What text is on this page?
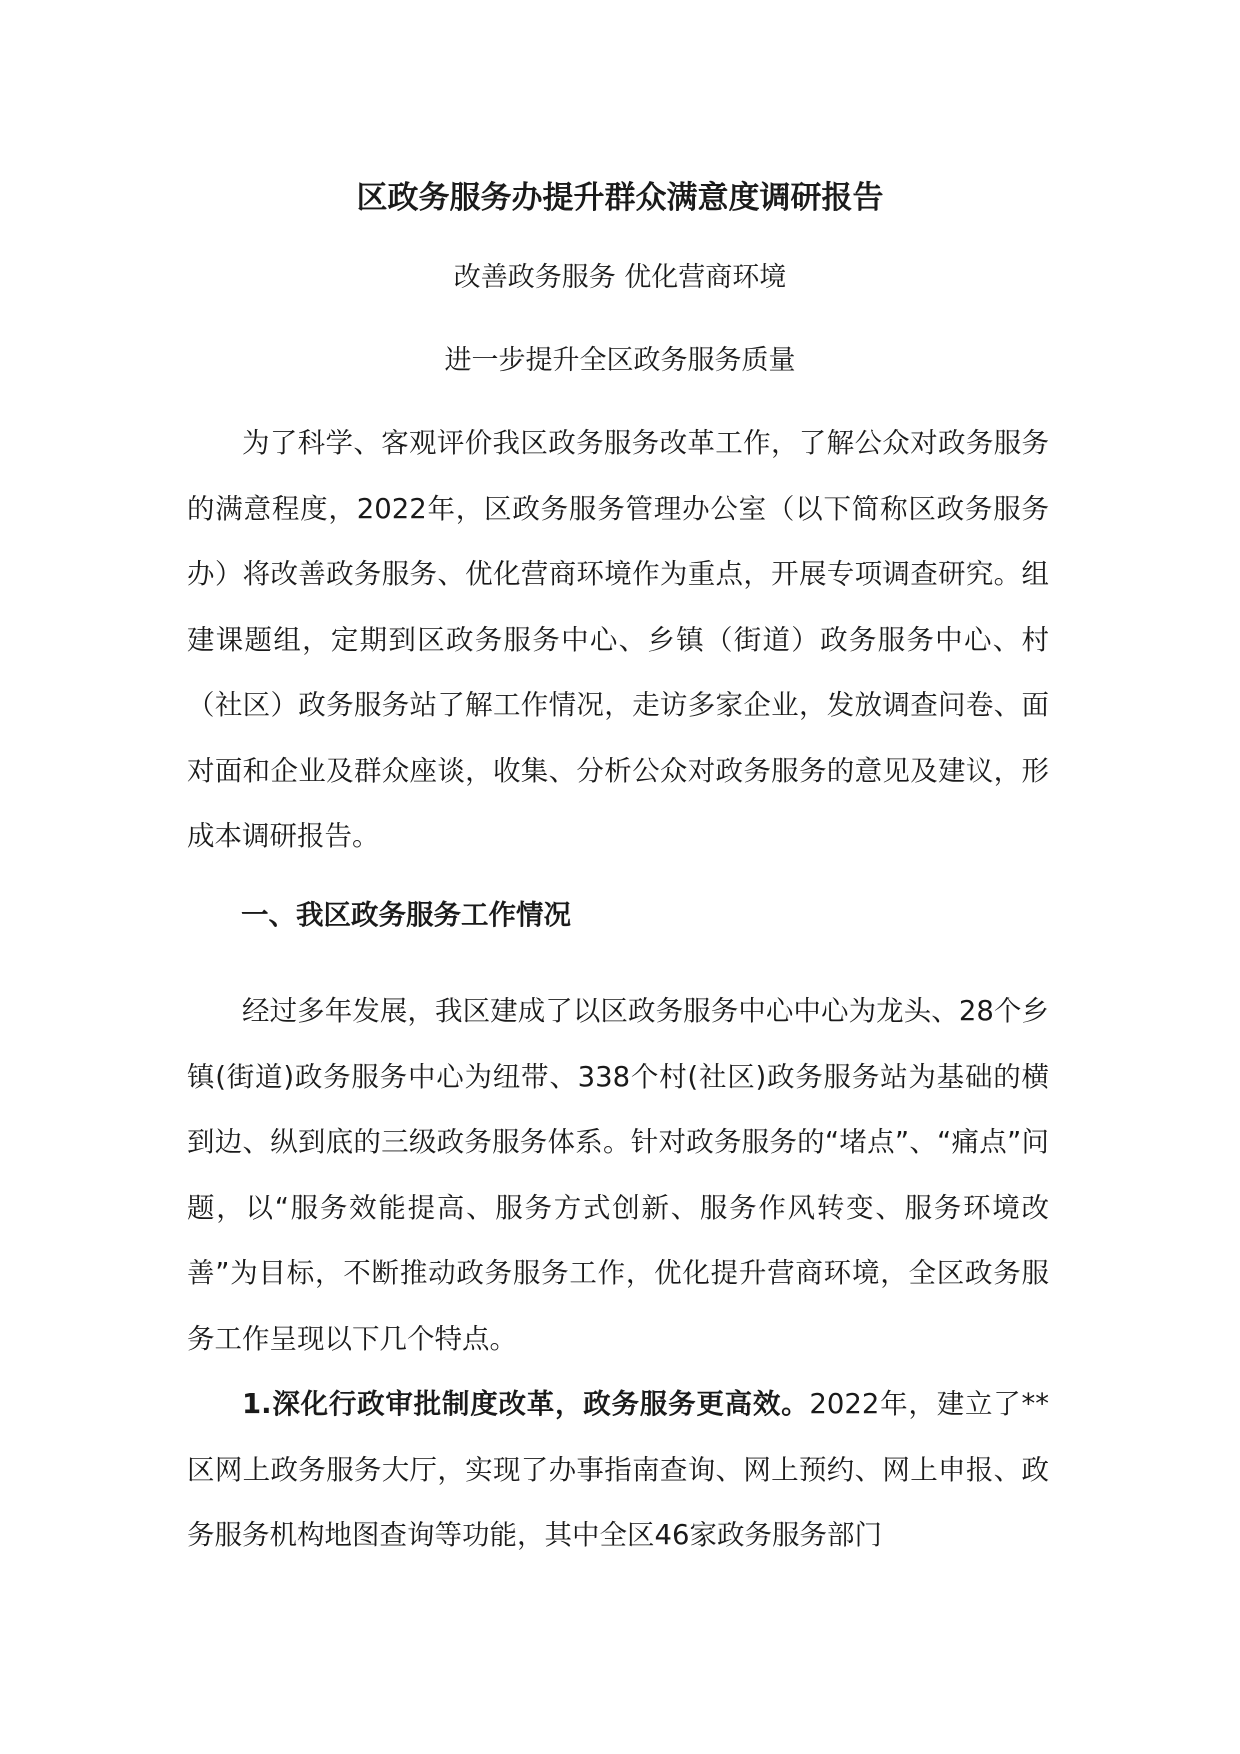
区政务服务办提升群众满意度调研报告

改善政务服务 优化营商环境

进一步提升全区政务服务质量

为了科学、客观评价我区政务服务改革工作，了解公众对政务服务的满意程度，2022年，区政务服务管理办公室（以下简称区政务服务办）将改善政务服务、优化营商环境作为重点，开展专项调查研究。组建课题组，定期到区政务服务中心、乡镇（街道）政务服务中心、村（社区）政务服务站了解工作情况，走访多家企业，发放调查问卷、面对面和企业及群众座谈，收集、分析公众对政务服务的意见及建议，形成本调研报告。

一、我区政务服务工作情况

经过多年发展，我区建成了以区政务服务中心中心为龙头、28个乡镇(街道)政务服务中心为纽带、338个村(社区)政务服务站为基础的横到边、纵到底的三级政务服务体系。针对政务服务的“堵点”、“痛点”问题，以“服务效能提高、服务方式创新、服务作风转变、服务环境改善”为目标，不断推动政务服务工作，优化提升营商环境，全区政务服务工作呈现以下几个特点。

1.深化行政审批制度改革，政务服务更高效。2022年，建立了**区网上政务服务大厅，实现了办事指南查询、网上预约、网上申报、政务服务机构地图查询等功能，其中全区46家政务服务部门
